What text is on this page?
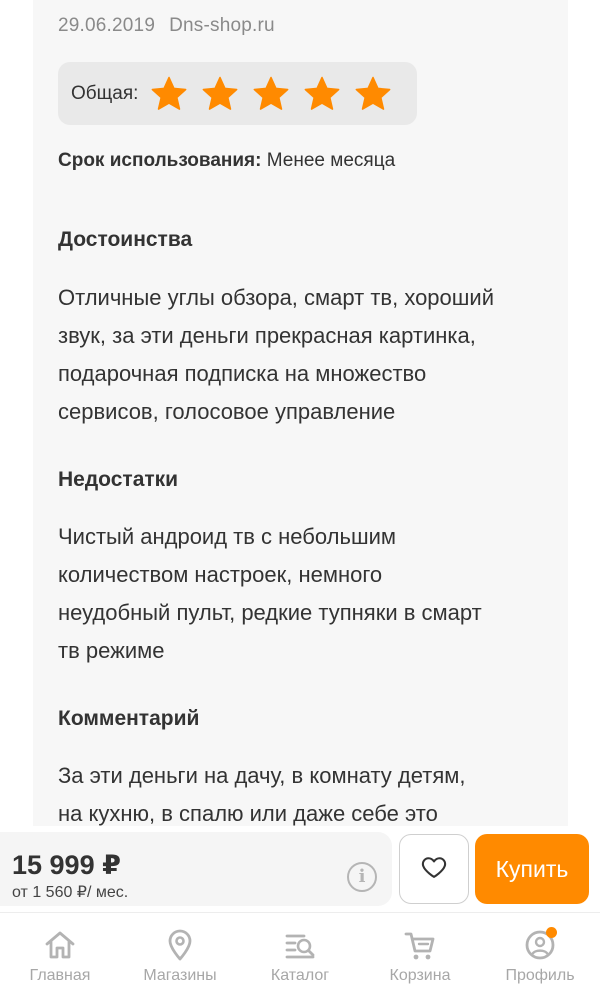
29.06.2019 Dns-shop.ru
Общая:
Срок использования: Менее месяца
Достоинства
Отличные углы обзора, смарт тв, хороший
звук, за эти деньги прекрасная картинка,
подарочная подписка на множество
сервисов, голосовое управление
Недостатки
Чистый андроид тв с небольшим
количеством настроек, немного
неудобный пульт, редкие тупняки в смарт
тв режиме
Комментарий
За эти деньги на дачу, в комнату детям,
на кухню, в спалю или даже себе это
15 999 ₽
от 1 560 ₽/ мес.
i	Купить
Главная	Магазины	Каталог	Корзина	Профиль
